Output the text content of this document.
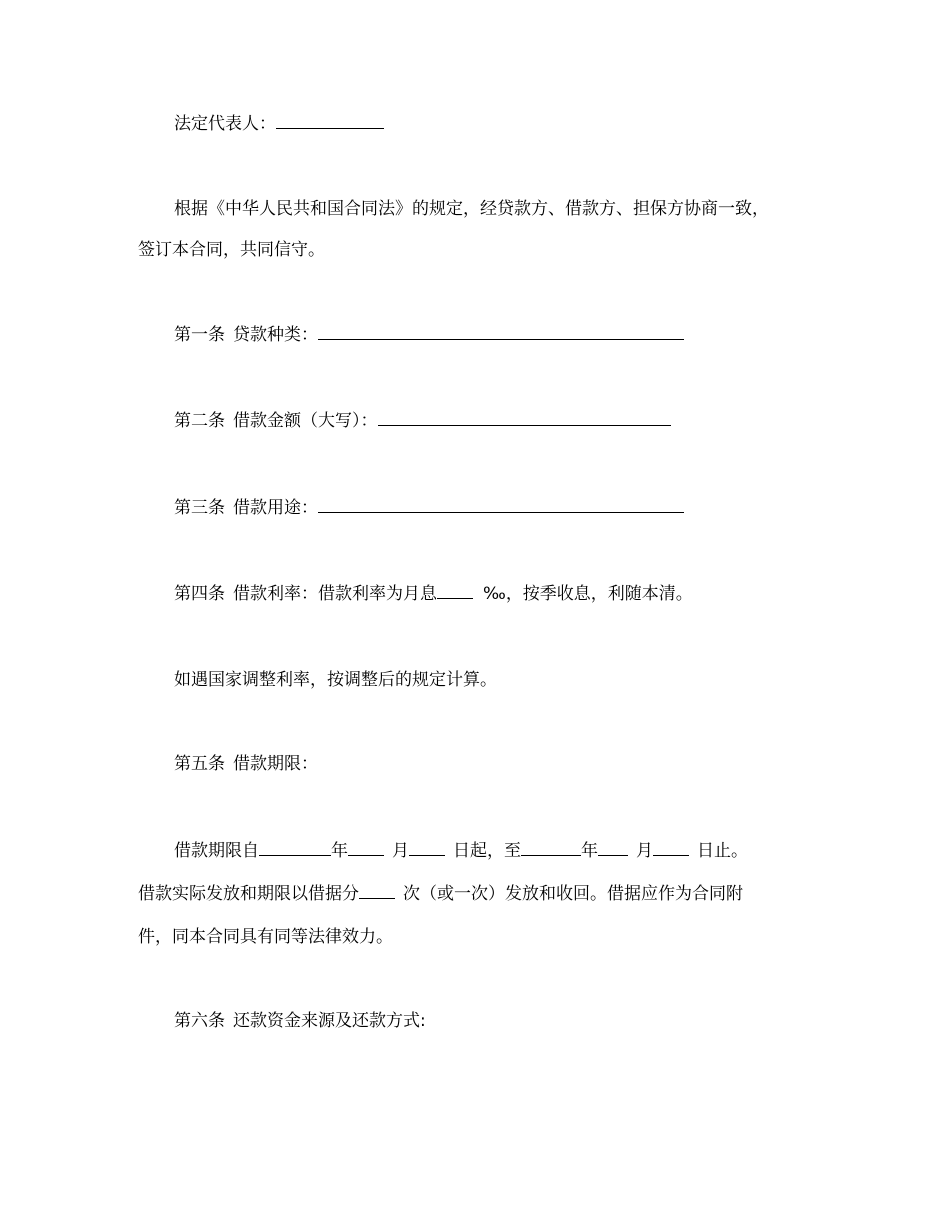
法定代表人：
根据《中华人民共和国合同法》的规定，经贷款方、借款方、担保方协商一致，
签订本合同，共同信守。
第一条 贷款种类：
第二条 借款金额（大写）：
第三条 借款用途：
第四条 借款利率：借款利率为月息	‰，按季收息，利随本清。
如遇国家调整利率，按调整后的规定计算。
第五条 借款期限：
借款期限自	年	月	日起，至	年 月	日止。
借款实际发放和期限以借据分	次（或一次）发放和收回。借据应作为合同附
件，同本合同具有同等法律效力。
第六条 还款资金来源及还款方式:
